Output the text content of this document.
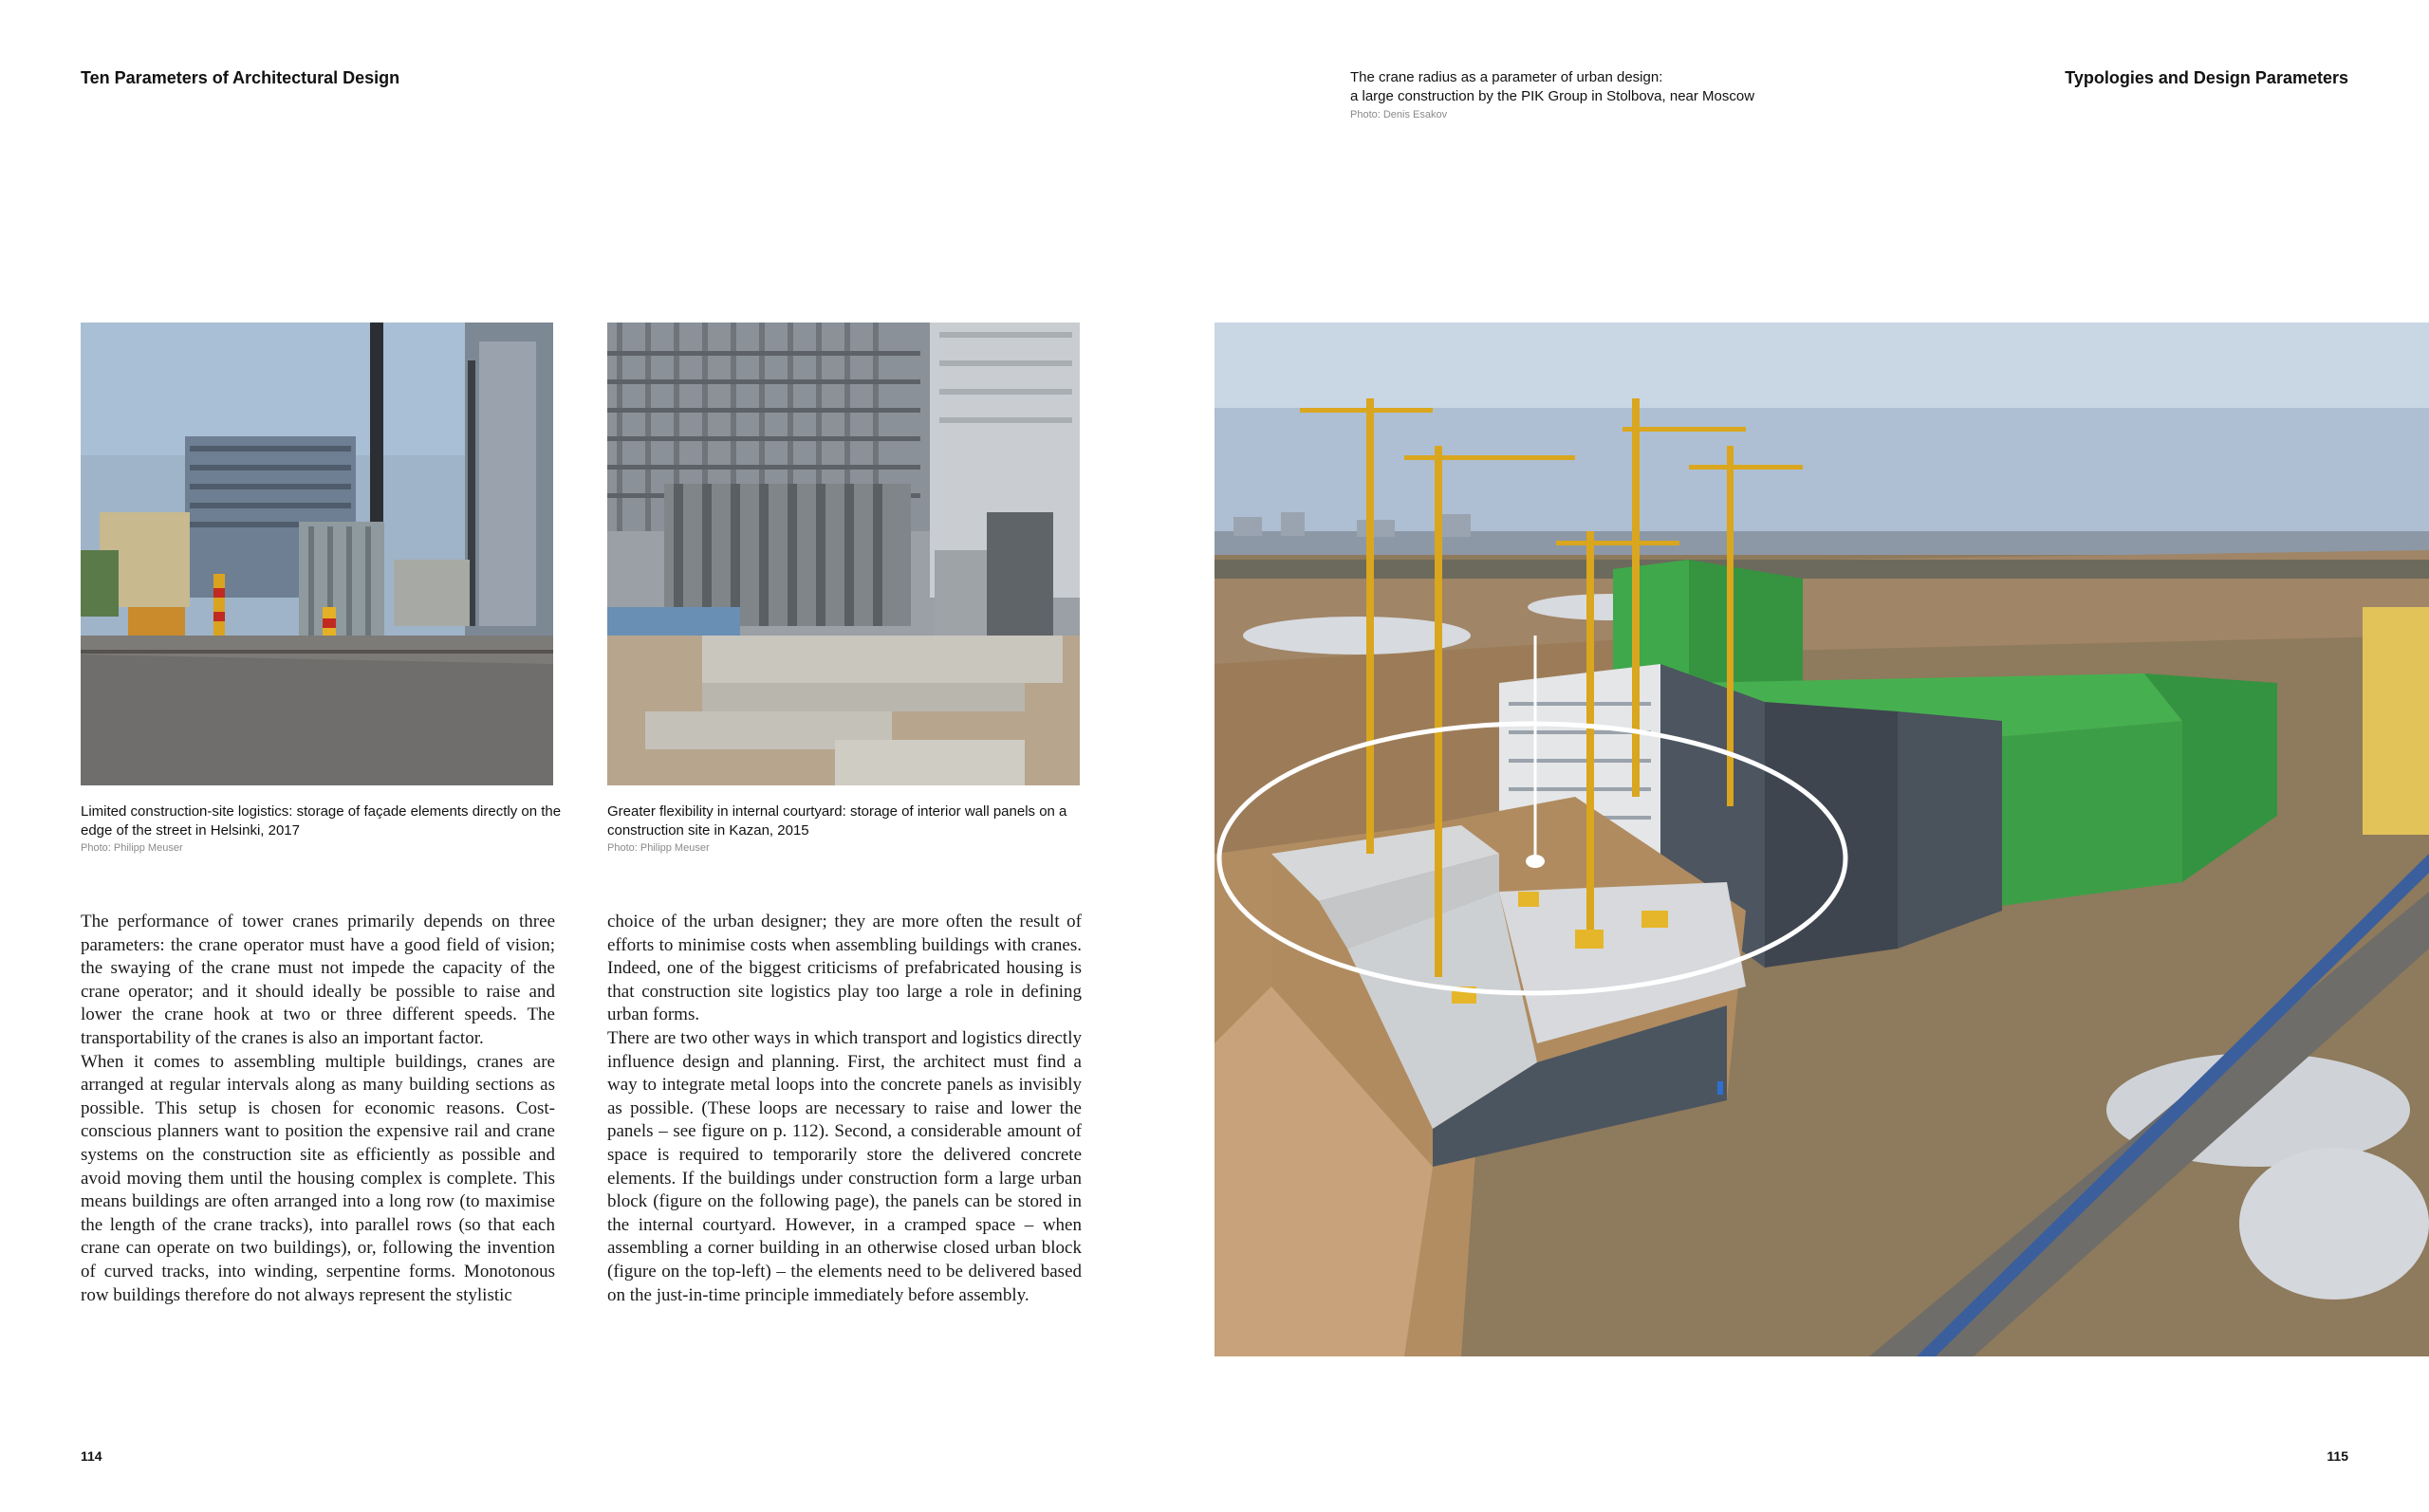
Ten Parameters of Architectural Design
Limited construction-site logistics: storage of façade elements directly on the edge of the street in Helsinki, 2017
Photo: Philipp Meuser
Greater flexibility in internal courtyard: storage of interior wall panels on a construction site in Kazan, 2015
Photo: Philipp Meuser

The performance of tower cranes primarily depends on three parameters: the crane operator must have a good field of vision; the swaying of the crane must not impede the capacity of the crane operator; and it should ideally be possible to raise and lower the crane hook at two or three different speeds. The transportability of the cranes is also an important factor.

When it comes to assembling multiple buildings, cranes are arranged at regular intervals along as many building sections as possible. This setup is chosen for economic reasons. Cost-conscious planners want to position the expensive rail and crane systems on the construction site as efficiently as possible and avoid moving them until the housing complex is complete. This means buildings are often arranged into a long row (to maximise the length of the crane tracks), into parallel rows (so that each crane can operate on two buildings), or, following the invention of curved tracks, into winding, serpentine forms. Monotonous row buildings therefore do not always represent the stylistic

choice of the urban designer; they are more often the result of efforts to minimise costs when assembling buildings with cranes. Indeed, one of the biggest criticisms of prefabricated housing is that construction site logistics play too large a role in defining urban forms.

There are two other ways in which transport and logistics directly influence design and planning. First, the architect must find a way to integrate metal loops into the concrete panels as invisibly as possible. (These loops are necessary to raise and lower the panels – see figure on p. 112). Second, a considerable amount of space is required to temporarily store the delivered concrete elements. If the buildings under construction form a large urban block (figure on the following page), the panels can be stored in the internal courtyard. However, in a cramped space – when assembling a corner building in an otherwise closed urban block (figure on the top-left) – the elements need to be delivered based on the just-in-time principle immediately before assembly.

114
The crane radius as a parameter of urban design:
a large construction by the PIK Group in Stolbova, near Moscow
Photo: Denis Esakov
Typologies and Design Parameters
115
